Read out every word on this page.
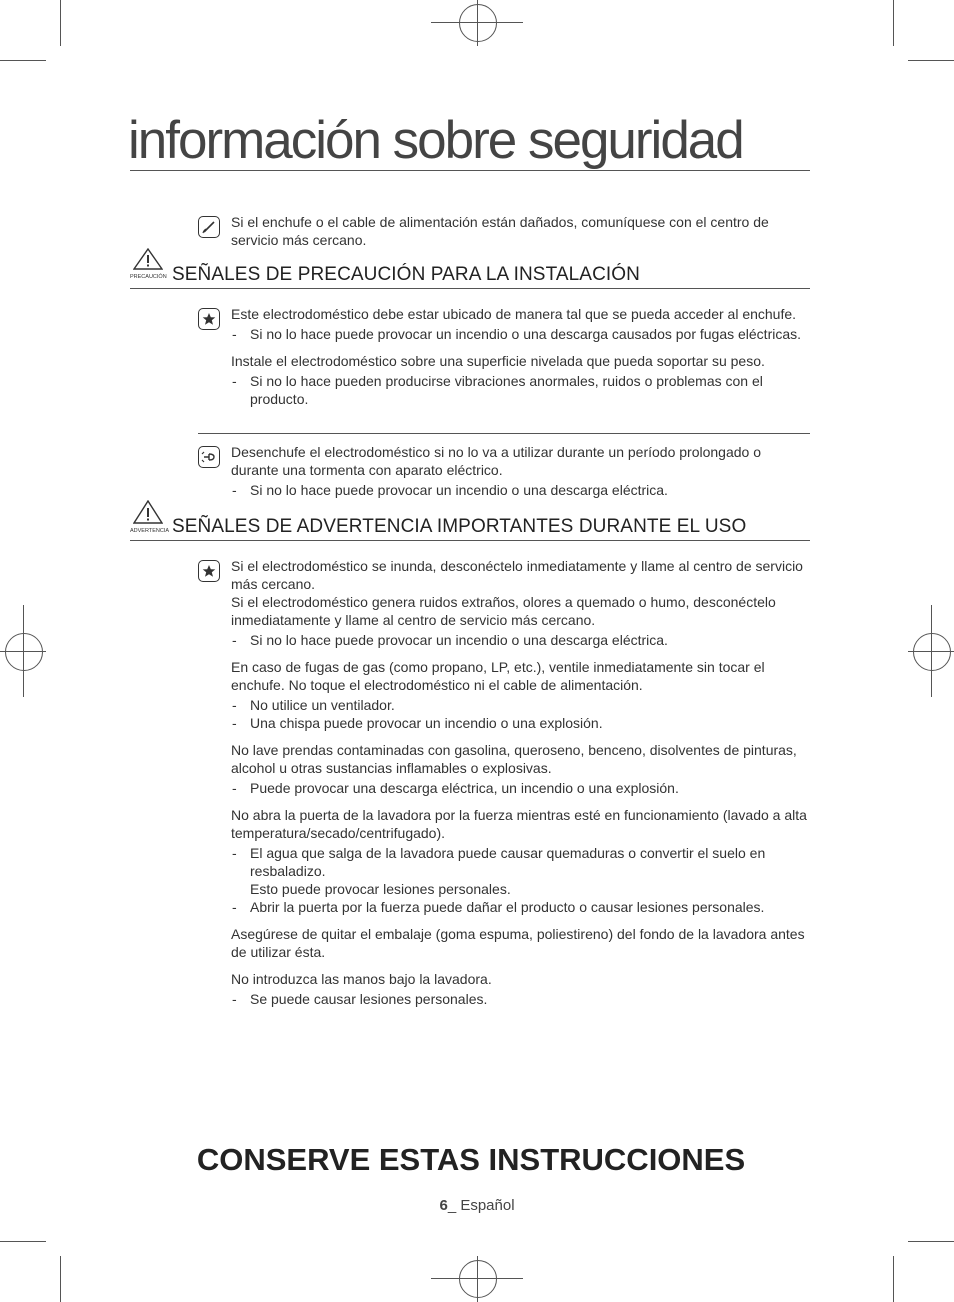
información sobre seguridad

Si el enchufe o el cable de alimentación están dañados, comuníquese con el centro de servicio más cercano.

PRECAUCIÓN SEÑALES DE PRECAUCIÓN PARA LA INSTALACIÓN

Este electrodoméstico debe estar ubicado de manera tal que se pueda acceder al enchufe.

- Si no lo hace puede provocar un incendio o una descarga causados por fugas eléctricas.

Instale el electrodoméstico sobre una superficie nivelada que pueda soportar su peso.

- Si no lo hace pueden producirse vibraciones anormales, ruidos o problemas con el producto.

Desenchufe el electrodoméstico si no lo va a utilizar durante un período prolongado o durante una tormenta con aparato eléctrico.

- Si no lo hace puede provocar un incendio o una descarga eléctrica.

ADVERTENCIA SEÑALES DE ADVERTENCIA IMPORTANTES DURANTE EL USO

Si el electrodoméstico se inunda, desconéctelo inmediatamente y llame al centro de servicio más cercano.

Si el electrodoméstico genera ruidos extraños, olores a quemado o humo, desconéctelo inmediatamente y llame al centro de servicio más cercano.

- Si no lo hace puede provocar un incendio o una descarga eléctrica.

En caso de fugas de gas (como propano, LP, etc.), ventile inmediatamente sin tocar el enchufe. No toque el electrodoméstico ni el cable de alimentación.

- No utilice un ventilador.

- Una chispa puede provocar un incendio o una explosión.

No lave prendas contaminadas con gasolina, queroseno, benceno, disolventes de pinturas, alcohol u otras sustancias inflamables o explosivas.

- Puede provocar una descarga eléctrica, un incendio o una explosión.

No abra la puerta de la lavadora por la fuerza mientras esté en funcionamiento (lavado a alta temperatura/secado/centrifugado).

- El agua que salga de la lavadora puede causar quemaduras o convertir el suelo en resbaladizo.

Esto puede provocar lesiones personales.

- Abrir la puerta por la fuerza puede dañar el producto o causar lesiones personales.

Asegúrese de quitar el embalaje (goma espuma, poliestireno) del fondo de la lavadora antes de utilizar ésta.

No introduzca las manos bajo la lavadora.

- Se puede causar lesiones personales.

CONSERVE ESTAS INSTRUCCIONES
6_ Español
